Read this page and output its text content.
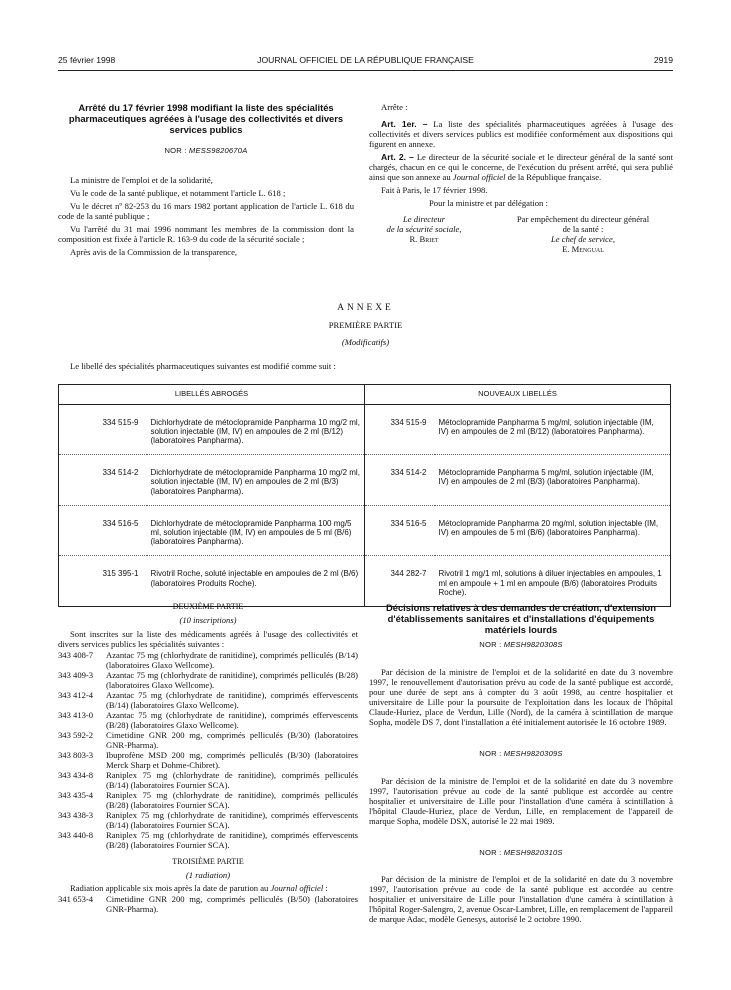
25 février 1998	JOURNAL OFFICIEL DE LA RÉPUBLIQUE FRANÇAISE	2919
Arrêté du 17 février 1998 modifiant la liste des spécialités pharmaceutiques agréées à l'usage des collectivités et divers services publics
NOR : MESS9820670A

La ministre de l'emploi et de la solidarité,

Vu le code de la santé publique, et notamment l'article L. 618 ;

Vu le décret nº 82-253 du 16 mars 1982 portant application de l'article L. 618 du code de la santé publique ;

Vu l'arrêté du 31 mai 1996 nommant les membres de la commission dont la composition est fixée à l'article R. 163-9 du code de la sécurité sociale ;

Après avis de la Commission de la transparence,

Arrête :

Art. 1er. – La liste des spécialités pharmaceutiques agréées à l'usage des collectivités et divers services publics est modifiée conformément aux dispositions qui figurent en annexe.

Art. 2. – Le directeur de la sécurité sociale et le directeur général de la santé sont chargés, chacun en ce qui le concerne, de l'exécution du présent arrêté, qui sera publié ainsi que son annexe au Journal officiel de la République française.

Fait à Paris, le 17 février 1998.

Pour la ministre et par délégation :
Le directeur
de la sécurité sociale,
R. Briet
Par empêchement du directeur général
de la santé :
Le chef de service,
E. Mengual
ANNEXE
PREMIÈRE PARTIE
(Modificatifs)
Le libellé des spécialités pharmaceutiques suivantes est modifié comme suit :
LIBELLÉS ABROGÉS		NOUVEAUX LIBELLÉS	
334 515-9	Dichlorhydrate de métoclopramide Panpharma 10 mg/2 ml, solution injectable (IM, IV) en ampoules de 2 ml (B/12) (laboratoires Panpharma).	334 515-9	Métoclopramide Panpharma 5 mg/ml, solution injectable (IM, IV) en ampoules de 2 ml (B/12) (laboratoires Panpharma).
334 514-2	Dichlorhydrate de métoclopramide Panpharma 10 mg/2 ml, solution injectable (IM, IV) en ampoules de 2 ml (B/3) (laboratoires Panpharma).	334 514-2	Métoclopramide Panpharma 5 mg/ml, solution injectable (IM, IV) en ampoules de 2 ml (B/3) (laboratoires Panpharma).
334 516-5	Dichlorhydrate de métoclopramide Panpharma 100 mg/5 ml, solution injectable (IM, IV) en ampoules de 5 ml (B/6) (laboratoires Panpharma).	334 516-5	Métoclopramide Panpharma 20 mg/ml, solution injectable (IM, IV) en ampoules de 5 ml (B/6) (laboratoires Panpharma).
315 395-1	Rivotril Roche, soluté injectable en ampoules de 2 ml (B/6) (laboratoires Produits Roche).	344 282-7	Rivotril 1 mg/1 ml, solutions à diluer injectables en ampoules, 1 ml en ampoule + 1 ml en ampoule (B/6) (laboratoires Produits Roche).
DEUXIÈME PARTIE
(10 inscriptions)

Sont inscrites sur la liste des médicaments agréés à l'usage des collectivités et divers services publics les spécialités suivantes :

343 408-7	Azantac 75 mg (chlorhydrate de ranitidine), comprimés pelliculés (B/14) (laboratoires Glaxo Wellcome).
343 409-3	Azantac 75 mg (chlorhydrate de ranitidine), comprimés pelliculés (B/28) (laboratoires Glaxo Wellcome).
343 412-4	Azantac 75 mg (chlorhydrate de ranitidine), comprimés effervescents (B/14) (laboratoires Glaxo Wellcome).
343 413-0	Azantac 75 mg (chlorhydrate de ranitidine), comprimés effervescents (B/28) (laboratoires Glaxo Wellcome).
343 592-2	Cimetidine GNR 200 mg, comprimés pelliculés (B/30) (laboratoires GNR-Pharma).
343 803-3	Ibuprofène MSD 200 mg, comprimés pelliculés (B/30) (laboratoires Merck Sharp et Dohme-Chibret).
343 434-8	Raniplex 75 mg (chlorhydrate de ranitidine), comprimés pelliculés (B/14) (laboratoires Fournier SCA).
343 435-4	Raniplex 75 mg (chlorhydrate de ranitidine), comprimés pelliculés (B/28) (laboratoires Fournier SCA).
343 438-3	Raniplex 75 mg (chlorhydrate de ranitidine), comprimés effervescents (B/14) (laboratoires Fournier SCA).
343 440-8	Raniplex 75 mg (chlorhydrate de ranitidine), comprimés effervescents (B/28) (laboratoires Fournier SCA).
TROISIÈME PARTIE
(1 radiation)

Radiation applicable six mois après la date de parution au Journal officiel :

341 653-4	Cimetidine GNR 200 mg, comprimés pelliculés (B/50) (laboratoires GNR-Pharma).
Décisions relatives à des demandes de création, d'extension d'établissements sanitaires et d'installations d'équipements matériels lourds
NOR : MESH9820308S

Par décision de la ministre de l'emploi et de la solidarité en date du 3 novembre 1997, le renouvellement d'autorisation prévu au code de la santé publique est accordé, pour une durée de sept ans à compter du 3 août 1998, au centre hospitalier et universitaire de Lille pour la poursuite de l'exploitation dans les locaux de l'hôpital Claude-Huriez, place de Verdun, Lille (Nord), de la caméra à scintillation de marque Sopha, modèle DS 7, dont l'installation a été initialement autorisée le 16 octobre 1989.

NOR : MESH9820309S

Par décision de la ministre de l'emploi et de la solidarité en date du 3 novembre 1997, l'autorisation prévue au code de la santé publique est accordée au centre hospitalier et universitaire de Lille pour l'installation d'une caméra à scintillation à l'hôpital Claude-Huriez, place de Verdun, Lille, en remplacement de l'appareil de marque Sopha, modèle DSX, autorisé le 22 mai 1989.

NOR : MESH9820310S

Par décision de la ministre de l'emploi et de la solidarité en date du 3 novembre 1997, l'autorisation prévue au code de la santé publique est accordée au centre hospitalier et universitaire de Lille pour l'installation d'une caméra à scintillation à l'hôpital Roger-Salengro, 2, avenue Oscar-Lambret, Lille, en remplacement de l'appareil de marque Adac, modèle Genesys, autorisé le 2 octobre 1990.
